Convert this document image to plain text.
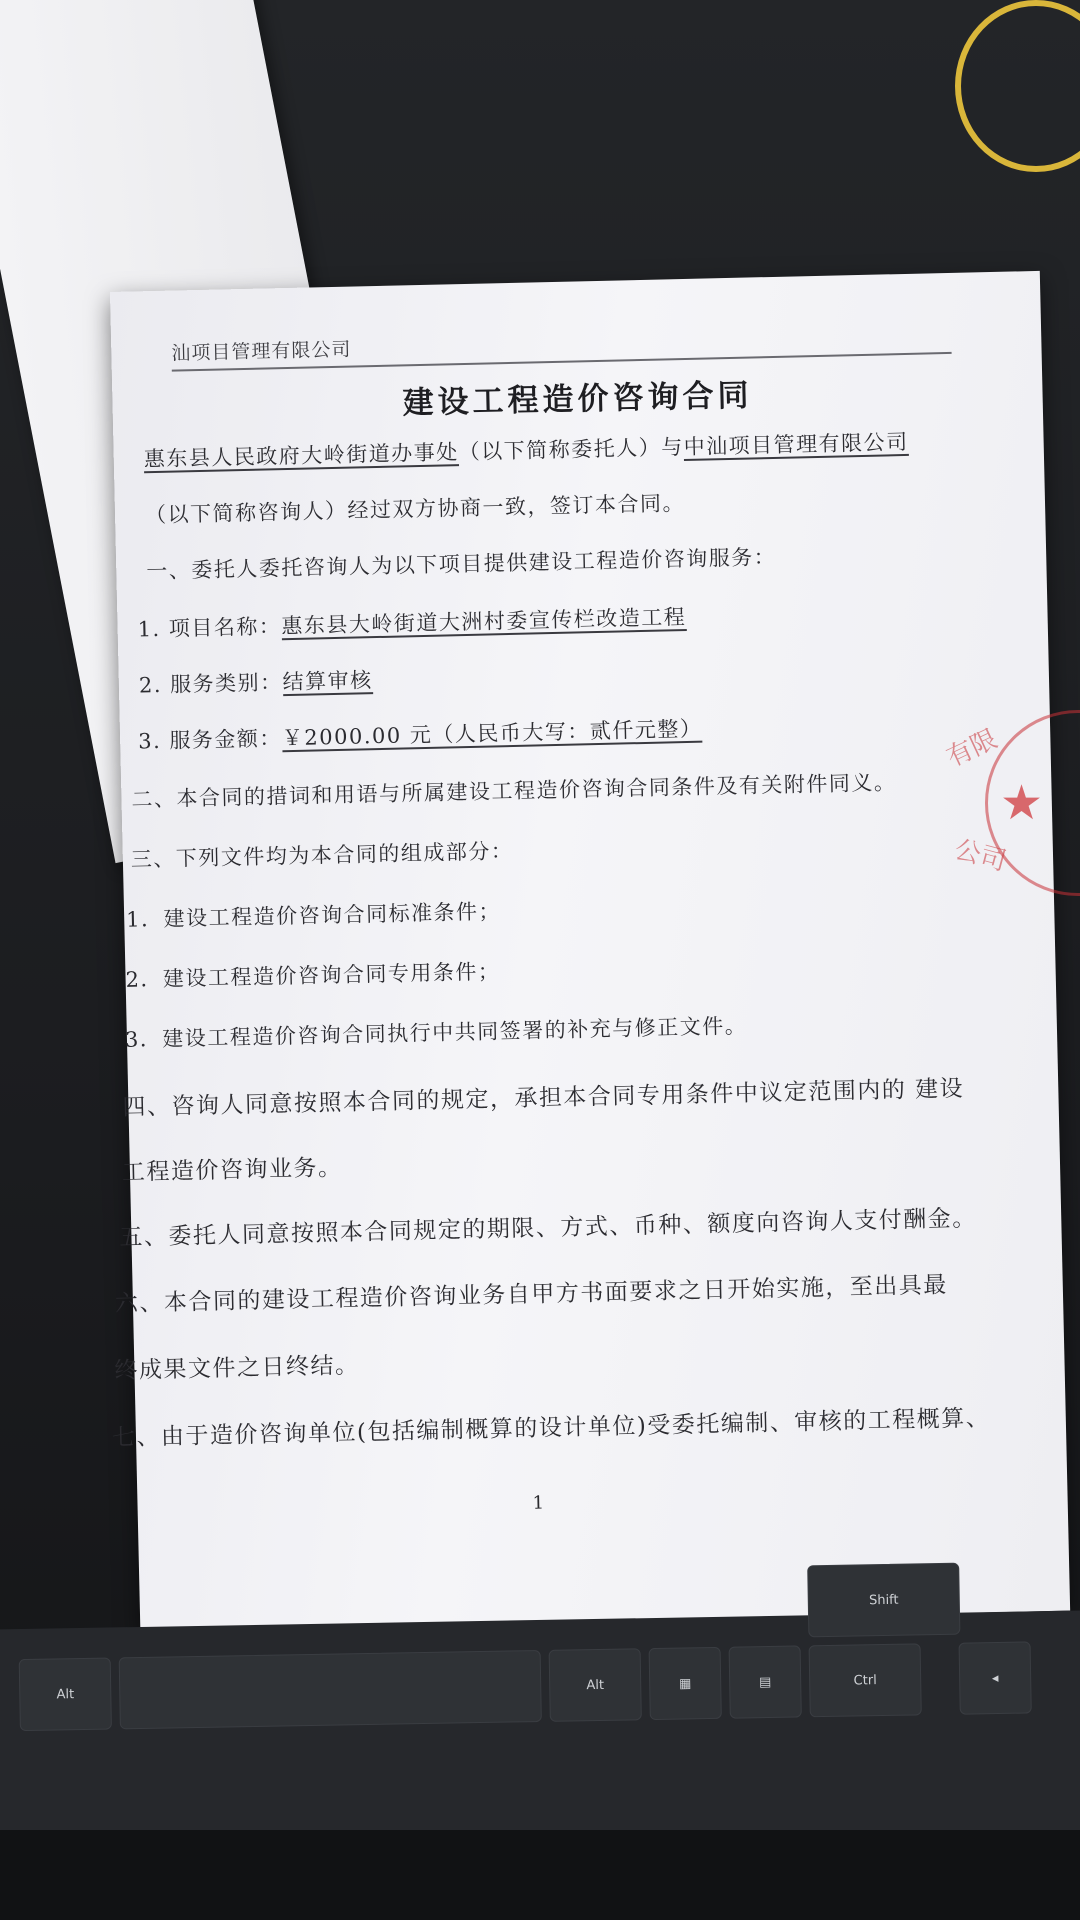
汕项目管理有限公司
建设工程造价咨询合同
惠东县人民政府大岭街道办事处（以下简称委托人）与中汕项目管理有限公司
（以下简称咨询人）经过双方协商一致，签订本合同。
一、委托人委托咨询人为以下项目提供建设工程造价咨询服务：
1. 项目名称：惠东县大岭街道大洲村委宣传栏改造工程
2. 服务类别：结算审核
3. 服务金额：￥2000.00 元（人民币大写：贰仟元整）
二、本合同的措词和用语与所属建设工程造价咨询合同条件及有关附件同义。
三、下列文件均为本合同的组成部分：
1．建设工程造价咨询合同标准条件；
2．建设工程造价咨询合同专用条件；
3．建设工程造价咨询合同执行中共同签署的补充与修正文件。
四、咨询人同意按照本合同的规定，承担本合同专用条件中议定范围内的 建设
工程造价咨询业务。
五、委托人同意按照本合同规定的期限、方式、币种、额度向咨询人支付酬金。
六、本合同的建设工程造价咨询业务自甲方书面要求之日开始实施，至出具最
终成果文件之日终结。
七、由于造价咨询单位(包括编制概算的设计单位)受委托编制、审核的工程概算、
1
有限
★
公司
Alt
Alt	▦	▤
Shift
Ctrl	◂
